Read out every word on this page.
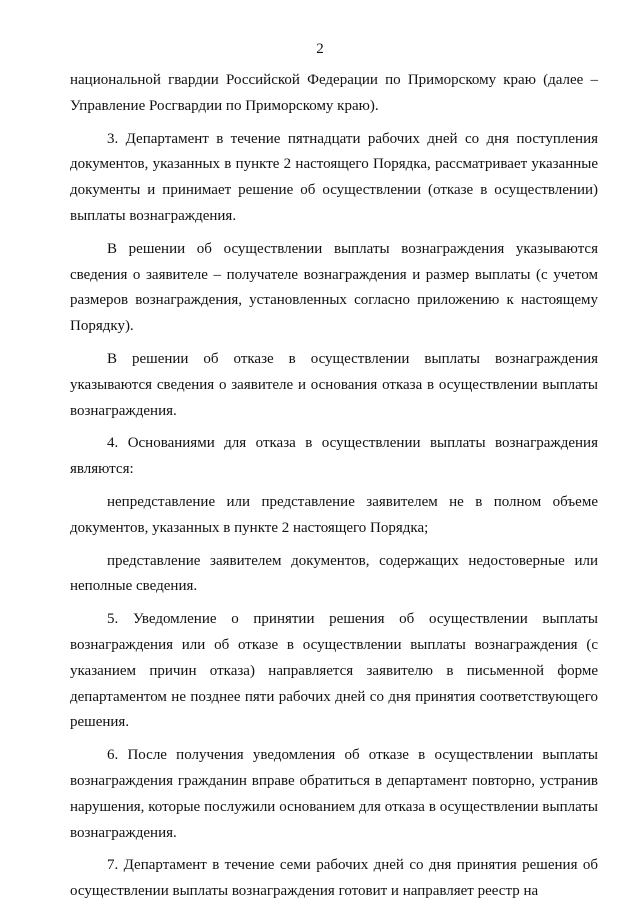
2

национальной гвардии Российской Федерации по Приморскому краю (далее – Управление Росгвардии по Приморскому краю).

3. Департамент в течение пятнадцати рабочих дней со дня поступления документов, указанных в пункте 2 настоящего Порядка, рассматривает указанные документы и принимает решение об осуществлении (отказе в осуществлении) выплаты вознаграждения.

В решении об осуществлении выплаты вознаграждения указываются сведения о заявителе – получателе вознаграждения и размер выплаты (с учетом размеров вознаграждения, установленных согласно приложению к настоящему Порядку).

В решении об отказе в осуществлении выплаты вознаграждения указываются сведения о заявителе и основания отказа в осуществлении выплаты вознаграждения.

4. Основаниями для отказа в осуществлении выплаты вознаграждения являются:

непредставление или представление заявителем не в полном объеме документов, указанных в пункте 2 настоящего Порядка;

представление заявителем документов, содержащих недостоверные или неполные сведения.

5. Уведомление о принятии решения об осуществлении выплаты вознаграждения или об отказе в осуществлении выплаты вознаграждения (с указанием причин отказа) направляется заявителю в письменной форме департаментом не позднее пяти рабочих дней со дня принятия соответствующего решения.

6. После получения уведомления об отказе в осуществлении выплаты вознаграждения гражданин вправе обратиться в департамент повторно, устранив нарушения, которые послужили основанием для отказа в осуществлении выплаты вознаграждения.

7. Департамент в течение семи рабочих дней со дня принятия решения об осуществлении выплаты вознаграждения готовит и направляет реестр на
